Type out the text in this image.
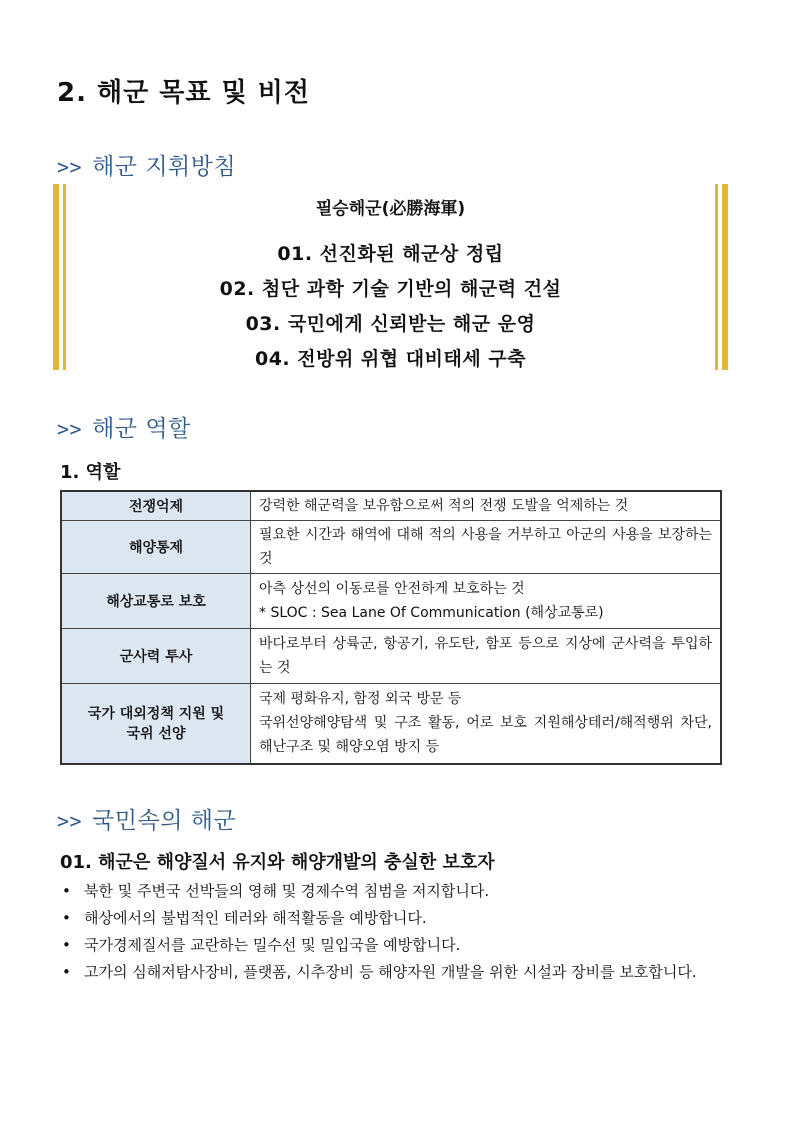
2. 해군 목표 및 비전
>> 해군 지휘방침
필승해군(必勝海軍)
01. 선진화된 해군상 정립
02. 첨단 과학 기술 기반의 해군력 건설
03. 국민에게 신뢰받는 해군 운영
04. 전방위 위협 대비태세 구축
>> 해군 역할
1. 역할
전쟁억제	강력한 해군력을 보유함으로써 적의 전쟁 도발을 억제하는 것

해양통제	필요한 시간과 해역에 대해 적의 사용을 거부하고 아군의 사용을 보장하는 것

해상교통로 보호	아측 상선의 이동로를 안전하게 보호하는 것
* SLOC : Sea Lane Of Communication (해상교통로)

군사력 투사	바다로부터 상륙군, 항공기, 유도탄, 함포 등으로 지상에 군사력을 투입하는 것

국가 대외정책 지원 및
국위 선양	국제 평화유지, 함정 외국 방문 등
국위선양해양탐색 및 구조 활동, 어로 보호 지원해상테러/해적행위 차단, 해난구조 및 해양오염 방지 등
>> 국민속의 해군
01. 해군은 해양질서 유지와 해양개발의 충실한 보호자
• 북한 및 주변국 선박들의 영해 및 경제수역 침범을 저지합니다.
• 해상에서의 불법적인 테러와 해적활동을 예방합니다.
• 국가경제질서를 교란하는 밀수선 및 밀입국을 예방합니다.
• 고가의 심해저탐사장비, 플랫폼, 시추장비 등 해양자원 개발을 위한 시설과 장비를 보호합니다.
